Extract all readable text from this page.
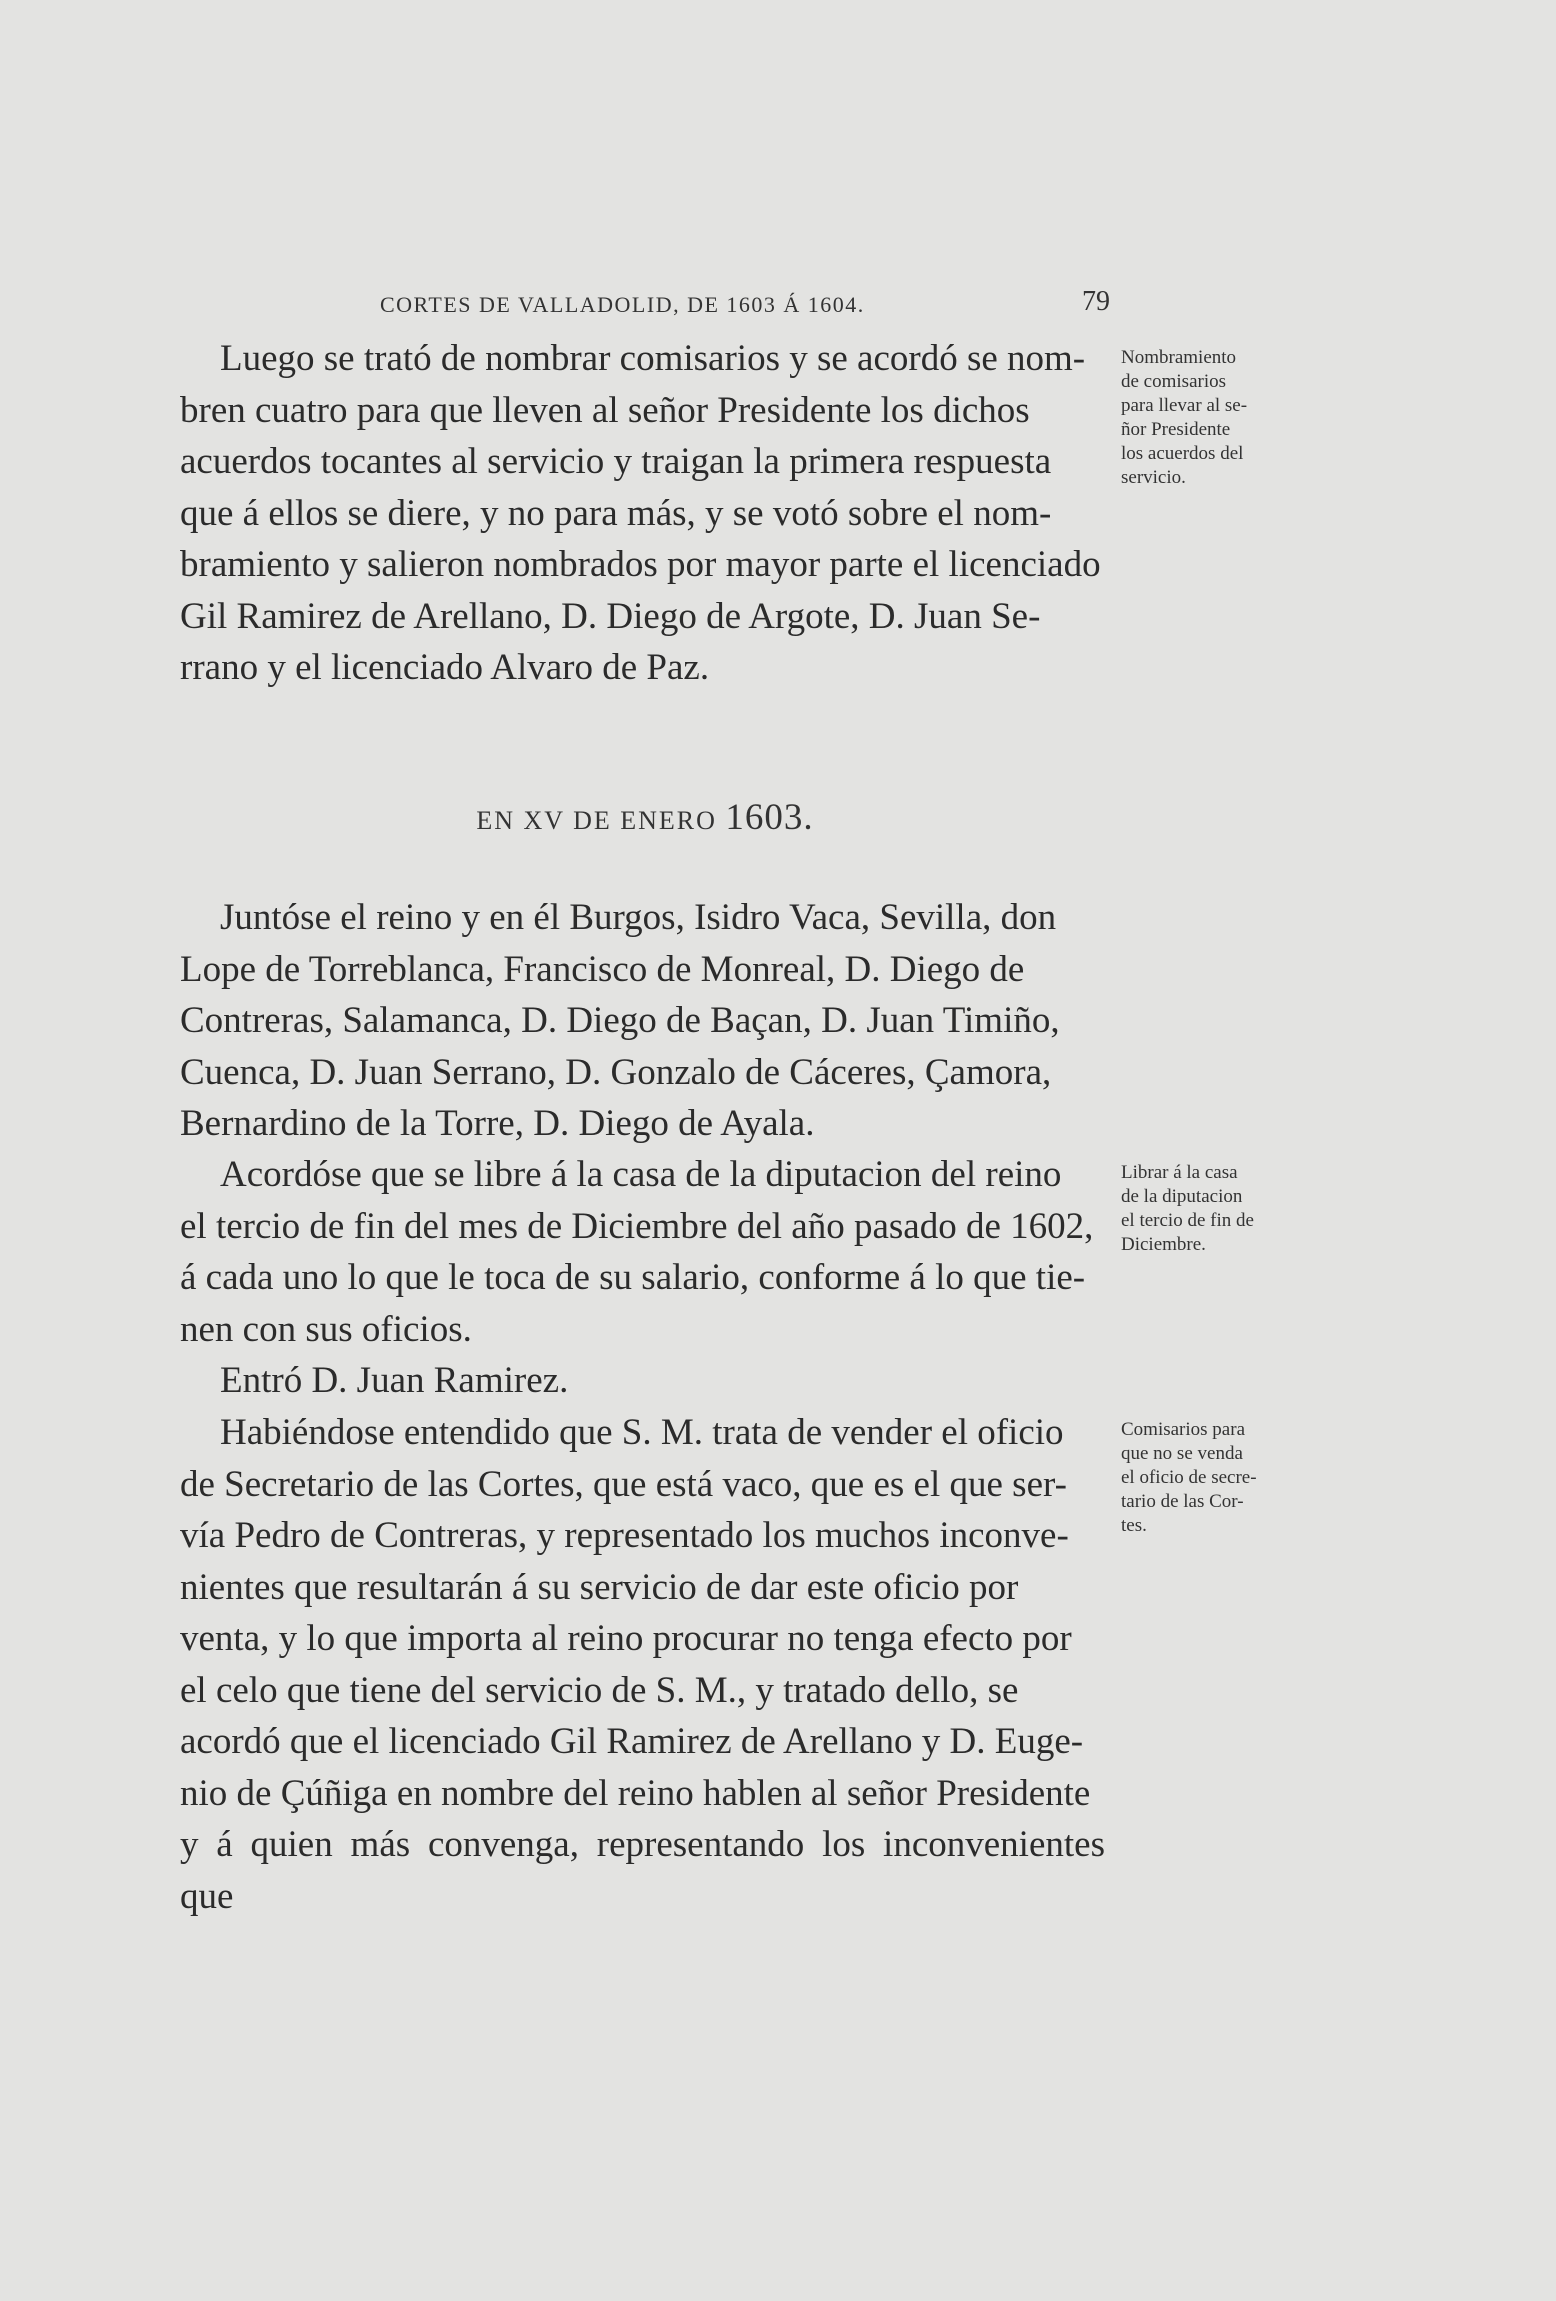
CORTES DE VALLADOLID, DE 1603 Á 1604.	79

Luego se trató de nombrar comisarios y se acordó se nom-

bren cuatro para que lleven al señor Presidente los dichos

acuerdos tocantes al servicio y traigan la primera respuesta

que á ellos se diere, y no para más, y se votó sobre el nom-

bramiento y salieron nombrados por mayor parte el licenciado

Gil Ramirez de Arellano, D. Diego de Argote, D. Juan Se-

rrano y el licenciado Alvaro de Paz.

Nombramiento
de comisarios
para llevar al se-
ñor Presidente
los acuerdos del
servicio.
EN XV DE ENERO 1603.

Juntóse el reino y en él Burgos, Isidro Vaca, Sevilla, don

Lope de Torreblanca, Francisco de Monreal, D. Diego de

Contreras, Salamanca, D. Diego de Baçan, D. Juan Timiño,

Cuenca, D. Juan Serrano, D. Gonzalo de Cáceres, Çamora,

Bernardino de la Torre, D. Diego de Ayala.

Acordóse que se libre á la casa de la diputacion del reino

el tercio de fin del mes de Diciembre del año pasado de 1602,

á cada uno lo que le toca de su salario, conforme á lo que tie-

nen con sus oficios.

Librar á la casa
de la diputacion
el tercio de fin de
Diciembre.

Entró D. Juan Ramirez.

Habiéndose entendido que S. M. trata de vender el oficio

de Secretario de las Cortes, que está vaco, que es el que ser-

vía Pedro de Contreras, y representado los muchos inconve-

nientes que resultarán á su servicio de dar este oficio por

venta, y lo que importa al reino procurar no tenga efecto por

el celo que tiene del servicio de S. M., y tratado dello, se

acordó que el licenciado Gil Ramirez de Arellano y D. Euge-

nio de Çúñiga en nombre del reino hablen al señor Presidente

y á quien más convenga, representando los inconvenientes que

Comisarios para
que no se venda
el oficio de secre-
tario de las Cor-
tes.
